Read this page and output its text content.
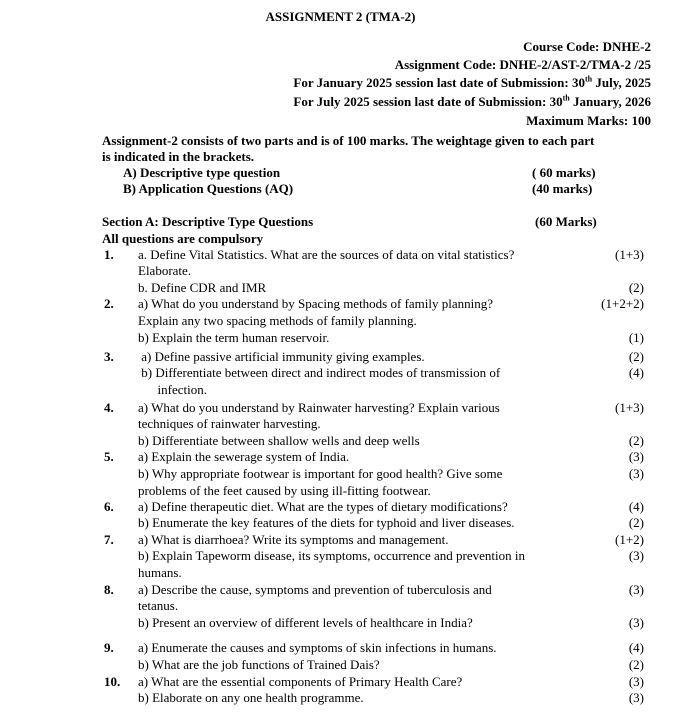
ASSIGNMENT 2 (TMA-2)
Course Code: DNHE-2
Assignment Code: DNHE-2/AST-2/TMA-2 /25
For January 2025 session last date of Submission: 30th July, 2025
For July 2025 session last date of Submission: 30th January, 2026
Maximum Marks: 100
Assignment-2 consists of two parts and is of 100 marks. The weightage given to each part
is indicated in the brackets.
A) Descriptive type question	( 60 marks)
B) Application Questions (AQ)	(40 marks)
Section A: Descriptive Type Questions	(60 Marks)
All questions are compulsory
1. a. Define Vital Statistics. What are the sources of data on vital statistics?	(1+3)
Elaborate.
b. Define CDR and IMR	(2)
2. a) What do you understand by Spacing methods of family planning?	(1+2+2)
Explain any two spacing methods of family planning.
b) Explain the term human reservoir.	(1)
3. a) Define passive artificial immunity giving examples.	(2)
b) Differentiate between direct and indirect modes of transmission of	(4)
infection.
4. a) What do you understand by Rainwater harvesting? Explain various	(1+3)
techniques of rainwater harvesting.
b) Differentiate between shallow wells and deep wells	(2)
5. a) Explain the sewerage system of India.	(3)
b) Why appropriate footwear is important for good health? Give some	(3)
problems of the feet caused by using ill-fitting footwear.
6. a) Define therapeutic diet. What are the types of dietary modifications?	(4)
b) Enumerate the key features of the diets for typhoid and liver diseases.	(2)
7. a) What is diarrhoea? Write its symptoms and management.	(1+2)
b) Explain Tapeworm disease, its symptoms, occurrence and prevention in	(3)
humans.
8. a) Describe the cause, symptoms and prevention of tuberculosis and	(3)
tetanus.
b) Present an overview of different levels of healthcare in India?	(3)
9. a) Enumerate the causes and symptoms of skin infections in humans.	(4)
b) What are the job functions of Trained Dais?	(2)
10. a) What are the essential components of Primary Health Care?	(3)
b) Elaborate on any one health programme.	(3)
